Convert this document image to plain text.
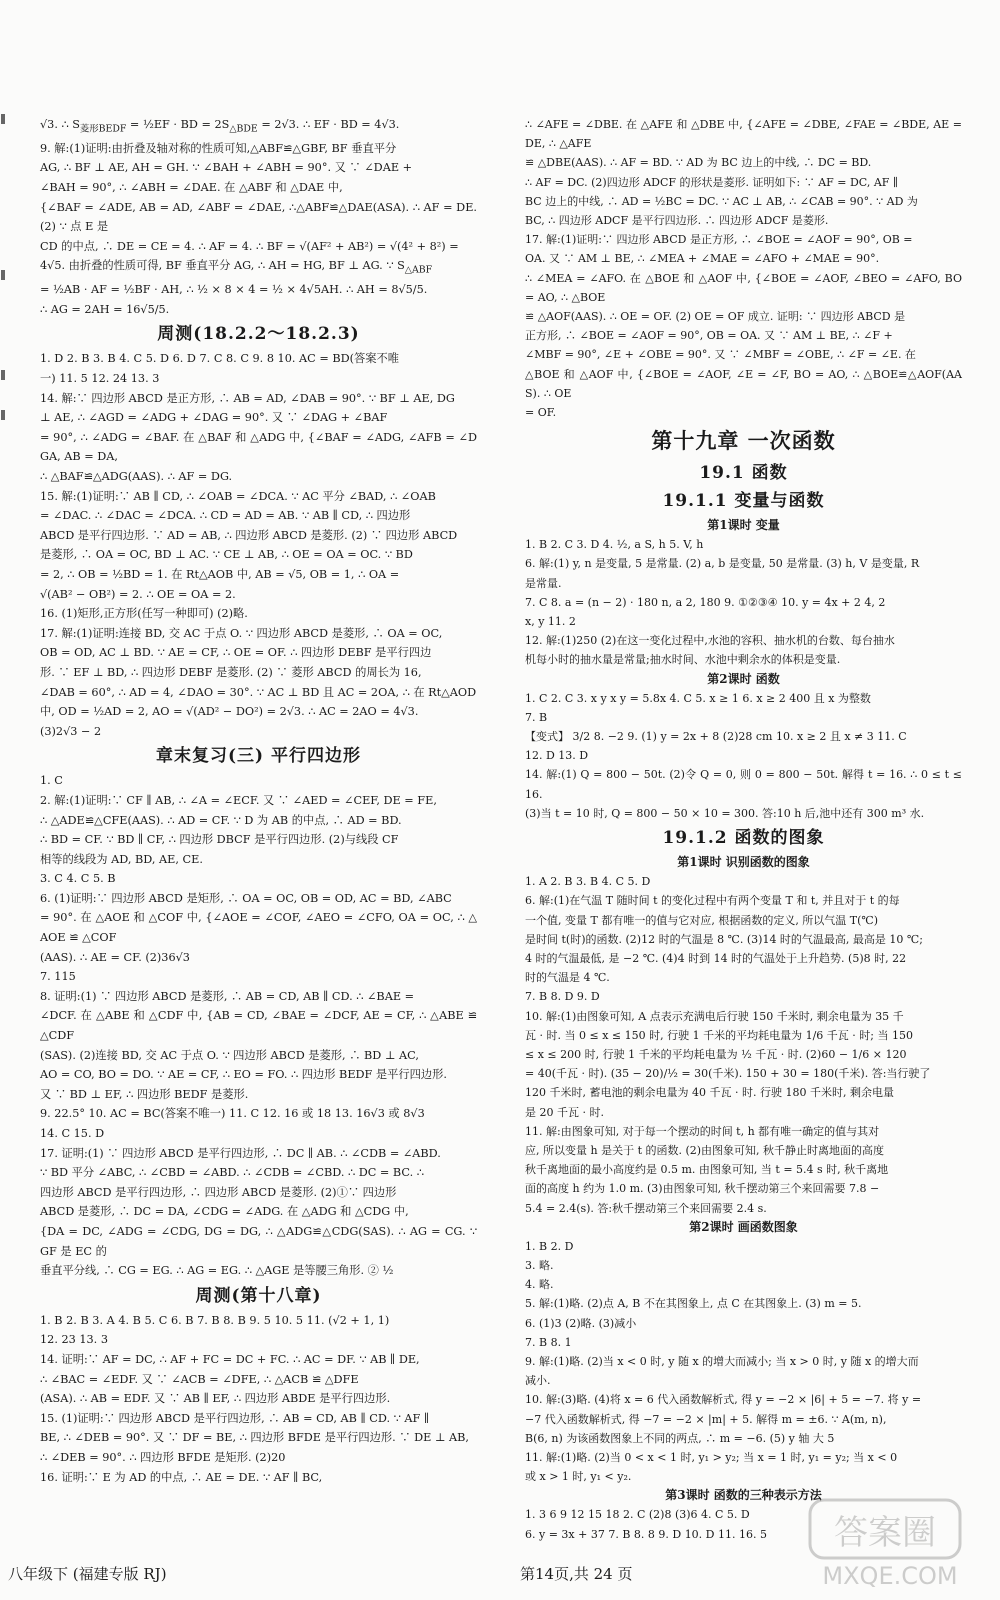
√3. ∴ $S_{菱形BEDF}$ = ½EF · BD = $2S_{\triangle BDE} = 2√3$. ∴ EF · BD = 4√3.
9. 解:(1)证明:由折叠及轴对称的性质可知,△ABF≌△GBF, BF 垂直平分
AG, ∴ BF ⊥ AE, AH = GH. ∵ ∠BAH + ∠ABH = 90°. 又 ∵ ∠DAE +
∠BAH = 90°, ∴ ∠ABH = ∠DAE. 在 △ABF 和 △DAE 中,
{∠BAF = ∠ADE, AB = AD, ∠ABF = ∠DAE, ∴△ABF≌△DAE(ASA). ∴ AF = DE. (2) ∵ 点 E 是
CD 的中点, ∴ DE = CE = 4. ∴ AF = 4. ∴ BF = √(AF² + AB²) = √(4² + 8²) =
4√5. 由折叠的性质可得, BF 垂直平分 AG, ∴ AH = HG, BF ⊥ AG. ∵ $S_{\triangle ABF}$
= ½AB · AF = ½BF · AH, ∴ ½ × 8 × 4 = ½ × 4√5AH. ∴ AH = 8√5/5.
∴ AG = 2AH = 16√5/5.
周测(18.2.2～18.2.3)
1. D 2. B 3. B 4. C 5. D 6. D 7. C 8. C 9. 8 10. AC = BD(答案不唯
一) 11. 5 12. 24 13. 3
14. 解:∵ 四边形 ABCD 是正方形, ∴ AB = AD, ∠DAB = 90°. ∵ BF ⊥ AE, DG
⊥ AE, ∴ ∠AGD = ∠ADG + ∠DAG = 90°. 又 ∵ ∠DAG + ∠BAF
= 90°, ∴ ∠ADG = ∠BAF. 在 △BAF 和 △ADG 中, {∠BAF = ∠ADG, ∠AFB = ∠DGA, AB = DA,
∴ △BAF≌△ADG(AAS). ∴ AF = DG.
15. 解:(1)证明:∵ AB ∥ CD, ∴ ∠OAB = ∠DCA. ∵ AC 平分 ∠BAD, ∴ ∠OAB
= ∠DAC. ∴ ∠DAC = ∠DCA. ∴ CD = AD = AB. ∵ AB ∥ CD, ∴ 四边形
ABCD 是平行四边形. ∵ AD = AB, ∴ 四边形 ABCD 是菱形. (2) ∵ 四边形 ABCD
是菱形, ∴ OA = OC, BD ⊥ AC. ∵ CE ⊥ AB, ∴ OE = OA = OC. ∵ BD
= 2, ∴ OB = ½BD = 1. 在 Rt△AOB 中, AB = √5, OB = 1, ∴ OA =
√(AB² − OB²) = 2. ∴ OE = OA = 2.
16. (1)矩形,正方形(任写一种即可) (2)略.
17. 解:(1)证明:连接 BD, 交 AC 于点 O. ∵ 四边形 ABCD 是菱形, ∴ OA = OC,
OB = OD, AC ⊥ BD. ∵ AE = CF, ∴ OE = OF. ∴ 四边形 DEBF 是平行四边
形. ∵ EF ⊥ BD, ∴ 四边形 DEBF 是菱形. (2) ∵ 菱形 ABCD 的周长为 16,
∠DAB = 60°, ∴ AD = 4, ∠DAO = 30°. ∵ AC ⊥ BD 且 AC = 2OA, ∴ 在 Rt△AOD
中, OD = ½AD = 2, AO = √(AD² − DO²) = 2√3. ∴ AC = 2AO = 4√3.
(3)2√3 − 2
章末复习(三) 平行四边形
1. C
2. 解:(1)证明:∵ CF ∥ AB, ∴ ∠A = ∠ECF. 又 ∵ ∠AED = ∠CEF, DE = FE,
∴ △ADE≌△CFE(AAS). ∴ AD = CF. ∵ D 为 AB 的中点, ∴ AD = BD.
∴ BD = CF. ∵ BD ∥ CF, ∴ 四边形 DBCF 是平行四边形. (2)与线段 CF
相等的线段为 AD, BD, AE, CE.
3. C 4. C 5. B
6. (1)证明:∵ 四边形 ABCD 是矩形, ∴ OA = OC, OB = OD, AC = BD, ∠ABC
= 90°. 在 △AOE 和 △COF 中, {∠AOE = ∠COF, ∠AEO = ∠CFO, OA = OC, ∴ △AOE ≌ △COF
(AAS). ∴ AE = CF. (2)36√3
7. 115
8. 证明:(1) ∵ 四边形 ABCD 是菱形, ∴ AB = CD, AB ∥ CD. ∴ ∠BAE =
∠DCF. 在 △ABE 和 △CDF 中, {AB = CD, ∠BAE = ∠DCF, AE = CF, ∴ △ABE ≌ △CDF
(SAS). (2)连接 BD, 交 AC 于点 O. ∵ 四边形 ABCD 是菱形, ∴ BD ⊥ AC,
AO = CO, BO = DO. ∵ AE = CF, ∴ EO = FO. ∴ 四边形 BEDF 是平行四边形.
又 ∵ BD ⊥ EF, ∴ 四边形 BEDF 是菱形.
9. 22.5° 10. AC = BC(答案不唯一) 11. C 12. 16 或 18 13. 16√3 或 8√3
14. C 15. D
17. 证明:(1) ∵ 四边形 ABCD 是平行四边形, ∴ DC ∥ AB. ∴ ∠CDB = ∠ABD.
∵ BD 平分 ∠ABC, ∴ ∠CBD = ∠ABD. ∴ ∠CDB = ∠CBD. ∴ DC = BC. ∴
四边形 ABCD 是平行四边形, ∴ 四边形 ABCD 是菱形. (2)①∵ 四边形
ABCD 是菱形, ∴ DC = DA, ∠CDG = ∠ADG. 在 △ADG 和 △CDG 中,
{DA = DC, ∠ADG = ∠CDG, DG = DG, ∴ △ADG≌△CDG(SAS). ∴ AG = CG. ∵ GF 是 EC 的
垂直平分线, ∴ CG = EG. ∴ AG = EG. ∴ △AGE 是等腰三角形. ② ½
周测(第十八章)
1. B 2. B 3. A 4. B 5. C 6. B 7. B 8. B 9. 5 10. 5 11. (√2 + 1, 1)
12. 23 13. 3
14. 证明:∵ AF = DC, ∴ AF + FC = DC + FC. ∴ AC = DF. ∵ AB ∥ DE,
∴ ∠BAC = ∠EDF. 又 ∵ ∠ACB = ∠DFE, ∴ △ACB ≌ △DFE
(ASA). ∴ AB = EDF. 又 ∵ AB ∥ EF, ∴ 四边形 ABDE 是平行四边形.
15. (1)证明:∵ 四边形 ABCD 是平行四边形, ∴ AB = CD, AB ∥ CD. ∵ AF ∥
BE, ∴ ∠DEB = 90°. 又 ∵ DF = BE, ∴ 四边形 BFDE 是平行四边形. ∵ DE ⊥ AB,
∴ ∠DEB = 90°. ∴ 四边形 BFDE 是矩形. (2)20
16. 证明:∵ E 为 AD 的中点, ∴ AE = DE. ∵ AF ∥ BC,
∴ ∠AFE = ∠DBE. 在 △AFE 和 △DBE 中, {∠AFE = ∠DBE, ∠FAE = ∠BDE, AE = DE, ∴ △AFE
≌ △DBE(AAS). ∴ AF = BD. ∵ AD 为 BC 边上的中线, ∴ DC = BD.
∴ AF = DC. (2)四边形 ADCF 的形状是菱形. 证明如下: ∵ AF = DC, AF ∥
BC 边上的中线, ∴ AD = ½BC = DC. ∵ AC ⊥ AB, ∴ ∠CAB = 90°. ∵ AD 为
BC, ∴ 四边形 ADCF 是平行四边形. ∴ 四边形 ADCF 是菱形.
17. 解:(1)证明:∵ 四边形 ABCD 是正方形, ∴ ∠BOE = ∠AOF = 90°, OB =
OA. 又 ∵ AM ⊥ BE, ∴ ∠MEA + ∠MAE = ∠AFO + ∠MAE = 90°.
∴ ∠MEA = ∠AFO. 在 △BOE 和 △AOF 中, {∠BOE = ∠AOF, ∠BEO = ∠AFO, BO = AO, ∴ △BOE
≌ △AOF(AAS). ∴ OE = OF. (2) OE = OF 成立. 证明: ∵ 四边形 ABCD 是
正方形, ∴ ∠BOE = ∠AOF = 90°, OB = OA. 又 ∵ AM ⊥ BE, ∴ ∠F +
∠MBF = 90°, ∠E + ∠OBE = 90°. 又 ∵ ∠MBF = ∠OBE, ∴ ∠F = ∠E. 在
△BOE 和 △AOF 中, {∠BOE = ∠AOF, ∠E = ∠F, BO = AO, ∴ △BOE≌△AOF(AAS). ∴ OE
= OF.
第十九章 一次函数
19.1 函数
19.1.1 变量与函数
第1课时 变量
1. B 2. C 3. D 4. ½, a S, h 5. V, h
6. 解:(1) y, n 是变量, 5 是常量. (2) a, b 是变量, 50 是常量. (3) h, V 是变量, R
是常量.
7. C 8. a = (n − 2) · 180 n, a 2, 180 9. ①②③④ 10. y = 4x + 2 4, 2
x, y 11. 2
12. 解:(1)250 (2)在这一变化过程中,水池的容积、抽水机的台数、每台抽水
机每小时的抽水量是常量;抽水时间、水池中剩余水的体积是变量.
第2课时 函数
1. C 2. C 3. x y x y = 5.8x 4. C 5. x ≥ 1 6. x ≥ 2 400 且 x 为整数
7. B
【变式】 3/2 8. −2 9. (1) y = 2x + 8 (2)28 cm 10. x ≥ 2 且 x ≠ 3 11. C
12. D 13. D
14. 解:(1) Q = 800 − 50t. (2)令 Q = 0, 则 0 = 800 − 50t. 解得 t = 16. ∴ 0 ≤ t ≤ 16.
(3)当 t = 10 时, Q = 800 − 50 × 10 = 300. 答:10 h 后,池中还有 300 m³ 水.
19.1.2 函数的图象
第1课时 识别函数的图象
1. A 2. B 3. B 4. C 5. D
6. 解:(1)在气温 T 随时间 t 的变化过程中有两个变量 T 和 t, 并且对于 t 的每
一个值, 变量 T 都有唯一的值与它对应, 根据函数的定义, 所以气温 T(℃)
是时间 t(时)的函数. (2)12 时的气温是 8 ℃. (3)14 时的气温最高, 最高是 10 ℃;
4 时的气温最低, 是 −2 ℃. (4)4 时到 14 时的气温处于上升趋势. (5)8 时, 22
时的气温是 4 ℃.
7. B 8. D 9. D
10. 解:(1)由图象可知, A 点表示充满电后行驶 150 千米时, 剩余电量为 35 千
瓦 · 时. 当 0 ≤ x ≤ 150 时, 行驶 1 千米的平均耗电量为 1/6 千瓦 · 时; 当 150
≤ x ≤ 200 时, 行驶 1 千米的平均耗电量为 ½ 千瓦 · 时. (2)60 − 1/6 × 120
= 40(千瓦 · 时). (35 − 20)/½ = 30(千米). 150 + 30 = 180(千米). 答:当行驶了
120 千米时, 蓄电池的剩余电量为 40 千瓦 · 时. 行驶 180 千米时, 剩余电量
是 20 千瓦 · 时.
11. 解:由图象可知, 对于每一个摆动的时间 t, h 都有唯一确定的值与其对
应, 所以变量 h 是关于 t 的函数. (2)由图象可知, 秋千静止时离地面的高度
秋千离地面的最小高度约是 0.5 m. 由图象可知, 当 t = 5.4 s 时, 秋千离地
面的高度 h 约为 1.0 m. (3)由图象可知, 秋千摆动第三个来回需要 7.8 −
5.4 = 2.4(s). 答:秋千摆动第三个来回需要 2.4 s.
第2课时 画函数图象
1. B 2. D
3. 略.
4. 略.
5. 解:(1)略. (2)点 A, B 不在其图象上, 点 C 在其图象上. (3) m = 5.
6. (1)3 (2)略. (3)减小
7. B 8. 1
9. 解:(1)略. (2)当 x < 0 时, y 随 x 的增大而减小; 当 x > 0 时, y 随 x 的增大而
减小.
10. 解:(3)略. (4)将 x = 6 代入函数解析式, 得 y = −2 × |6| + 5 = −7. 将 y =
−7 代入函数解析式, 得 −7 = −2 × |m| + 5. 解得 m = ±6. ∵ A(m, n),
B(6, n) 为该函数图象上不同的两点, ∴ m = −6. (5) y 轴 大 5
11. 解:(1)略. (2)当 0 < x < 1 时, y₁ > y₂; 当 x = 1 时, y₁ = y₂; 当 x < 0
或 x > 1 时, y₁ < y₂.
第3课时 函数的三种表示方法
1. 3 6 9 12 15 18 2. C (2)8 (3)6 4. C 5. D
6. y = 3x + 37 7. B 8. 8 9. D 10. D 11. 16. 5
八年级下 (福建专版 RJ)	第14页,共 24 页
答案圈
MXQE.COM
